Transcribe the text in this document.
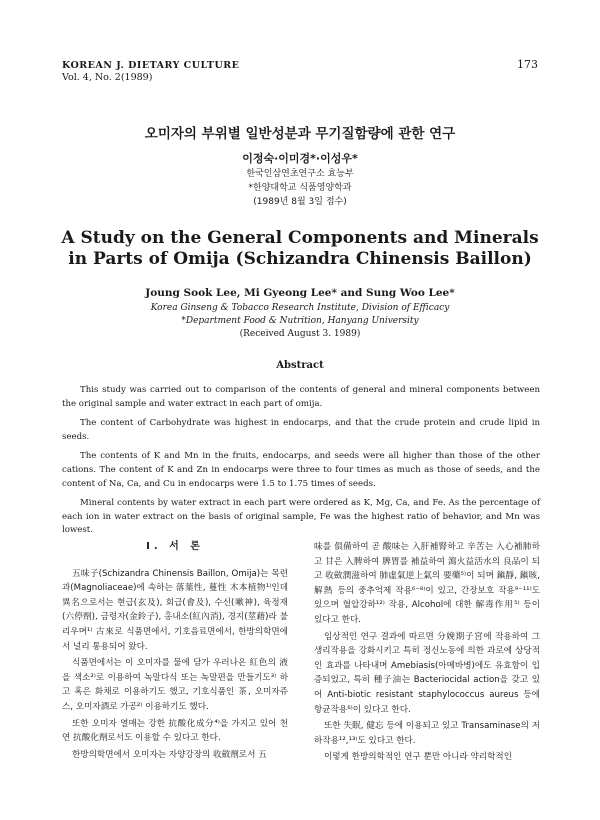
KOREAN J. DIETARY CULTURE
Vol. 4, No. 2(1989)
173
오미자의 부위별 일반성분과 무기질함량에 관한 연구
이정숙·이미경*·이성우*
한국인삼연초연구소 효능부
*한양대학교 식품영양학과
(1989년 8월 3일 접수)
A Study on the General Components and Minerals in Parts of Omija (Schizandra Chinensis Baillon)
Joung Sook Lee, Mi Gyeong Lee* and Sung Woo Lee*
Korea Ginseng & Tobacco Research Institute, Division of Efficacy
*Department Food & Nutrition, Hanyang University
(Received August 3. 1989)
Abstract

This study was carried out to comparison of the contents of general and mineral components between the original sample and water extract in each part of omija.

The content of Carbohydrate was highest in endocarps, and that the crude protein and crude lipid in seeds.

The contents of K and Mn in the fruits, endocarps, and seeds were all higher than those of the other cations. The content of K and Zn in endocarps were three to four times as much as those of seeds, and the content of Na, Ca, and Cu in endocarps were 1.5 to 1.75 times of seeds.

Mineral contents by water extract in each part were ordered as K, Mg, Ca, and Fe. As the percentage of each ion in water extract on the basis of original sample, Fe was the highest ratio of behavior, and Mn was lowest.

I. 서 론

五味子(Schizandra Chinensis Baillon, Omija)는 목련과(Magnoliaceae)에 속하는 落葉性, 蔓性 木本植物¹⁾인데 異名으로서는 현급(玄及), 회급(會及), 수신(嗽神), 육정재(六停劑), 금령자(金鈴子), 홍내소(紅內消), 경지(莖藉)라 불리우며¹⁾ 古來로 식품면에서, 기호음료면에서, 한방의학면에서 널리 통용되어 왔다.

식품면에서는 이 오미자를 물에 담가 우러나온 紅色의 液을 색소²⁾로 이용하여 녹말다식 또는 녹말편을 만들기도³⁾ 하고 혹은 화채로 이용하기도 했고, 기호식품인 茶, 오미자쥬스, 오미자酒로 가공²⁾ 이용하기도 했다.

또한 오미자 열매는 강한 抗酸化成分⁴⁾을 가지고 있어 천연 抗酸化劑로서도 이용할 수 있다고 한다.

한방의학면에서 오미자는 자양강장의 收斂劑로서 五

味를 俱備하여 곧 酸味는 入肝補腎하고 辛苦는 入心補肺하고 甘은 入脾하여 脾胃를 補益하여 瀉火益活水의 良品이 되고 收斂潤滋하여 肺虛氣逆上氣의 要藥⁵⁾이 되며 鎭靜, 鎭咳, 解熱 등의 중추억제 작용⁶⁻⁸⁾이 있고, 간장보호 작용⁹⁻¹¹⁾도 있으며 혈압강하¹²⁾ 작용, Alcohol에 대한 解毒作用⁵⁾ 등이 있다고 한다.

임상적인 연구 결과에 따르면 分娩期子宮에 작용하여 그 생리작용을 강화시키고 특히 정신노동에 의한 과로에 상당적인 효과를 나타내며 Amebiasis(아메바병)에도 유효함이 입증되었고, 특히 種子油는 Bacteriocidal action을 갖고 있어 Anti-biotic resistant staphylococcus aureus 등에 항균작용⁶⁾이 있다고 한다.

또한 失眠, 健忘 등에 이용되고 있고 Transaminase의 저하작용¹²,¹³⁾도 있다고 한다.

이렇게 한방의학적인 연구 뿐만 아니라 약리학적인
